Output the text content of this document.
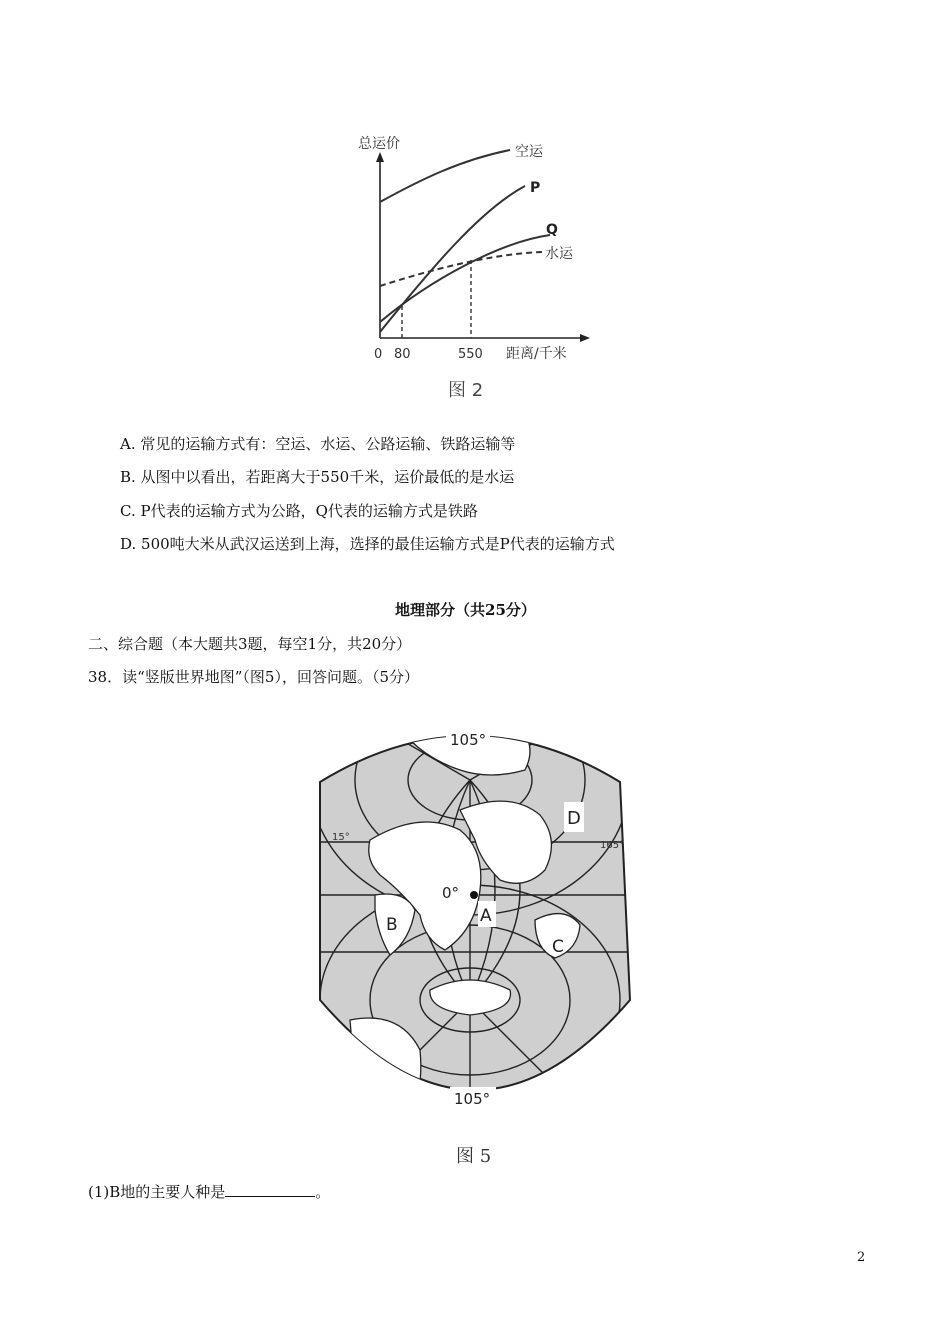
总运价	空运
P
Q
水运
0 80	550 距离/千米
图 2
A. 常见的运输方式有：空运、水运、公路运输、铁路运输等
B. 从图中以看出，若距离大于550千米，运价最低的是水运
C. P代表的运输方式为公路，Q代表的运输方式是铁路
D. 500吨大米从武汉运送到上海，选择的最佳运输方式是P代表的运输方式
地理部分（共25分）
二、综合题（本大题共3题，每空1分，共20分）
38．读“竖版世界地图”（图5），回答问题。（5分）
105°
15°
165°
D
0°
A
B
C
105°
图 5
(1)B地的主要人种是	。
2
